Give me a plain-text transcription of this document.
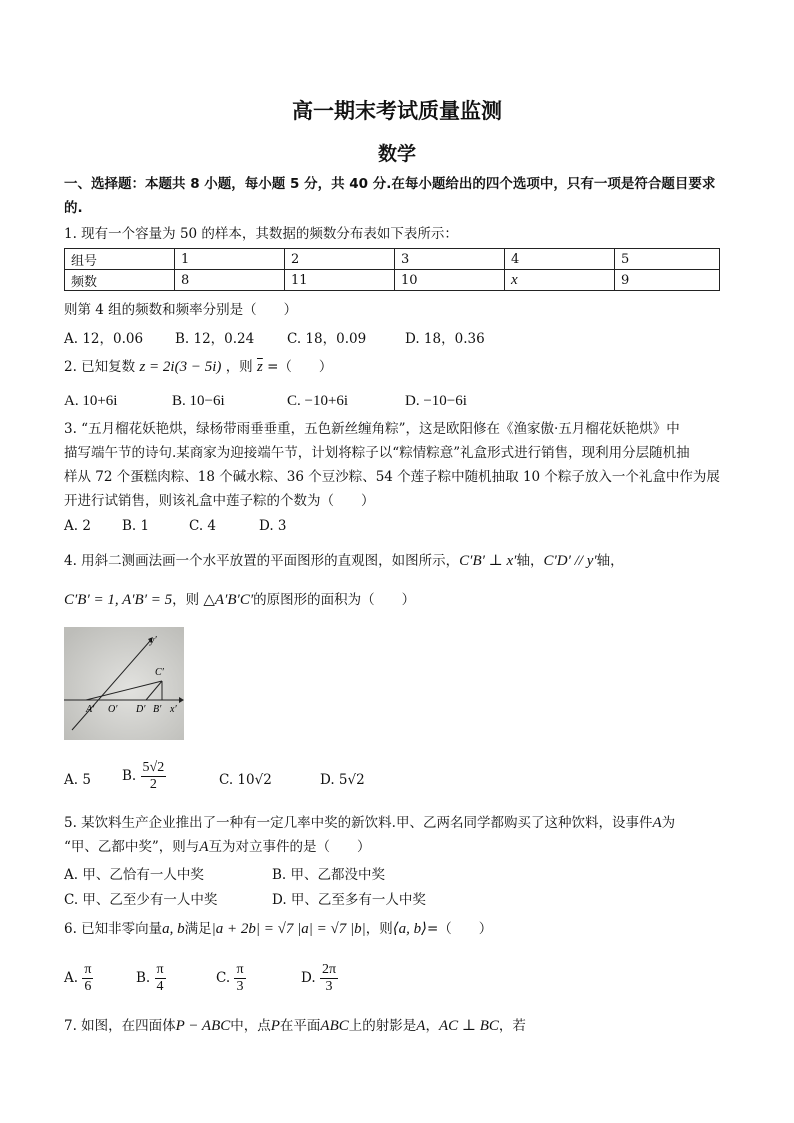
高一期末考试质量监测
数学
一、选择题：本题共 8 小题，每小题 5 分，共 40 分.在每小题给出的四个选项中，只有一项是符合题目要求
的.
1. 现有一个容量为 50 的样本，其数据的频数分布表如下表所示：
组号	1	2	3	4	5
频数	8	11	10	x	9
则第 4 组的频数和频率分别是（　　）
A. 12，0.06 B. 12，0.24 C. 18，0.09	D. 18，0.36
2. 已知复数 z = 2i(3 − 5i) ，则 $\overline{z}$ =（　　）
A. 10+6i	B. 10−6i	C. −10+6i	D. −10−6i
3. “五月榴花妖艳烘，绿杨带雨垂垂重，五色新丝缠角粽”，这是欧阳修在《渔家傲·五月榴花妖艳烘》中
描写端午节的诗句.某商家为迎接端午节，计划将粽子以“粽情粽意”礼盒形式进行销售，现利用分层随机抽
样从 72 个蛋糕肉粽、18 个碱水粽、36 个豆沙粽、54 个莲子粽中随机抽取 10 个粽子放入一个礼盒中作为展
开进行试销售，则该礼盒中莲子粽的个数为（　　）
A. 2 B. 1	C. 4	D. 3
4. 用斜二测画法画一个水平放置的平面图形的直观图，如图所示，C′B′ ⊥ x′轴，C′D′ // y′轴，
C′B′ = 1, A′B′ = 5，则 △A′B′C′的原图形的面积为（　　）
y′
C′
A′ O′ D′ B′ x′
A. 5 B. $\frac{5√2}{2}$	C. 10√2	D. 5√2
5. 某饮料生产企业推出了一种有一定几率中奖的新饮料.甲、乙两名同学都购买了这种饮料，设事件A为
“甲、乙都中奖”，则与A互为对立事件的是（　　）
A. 甲、乙恰有一人中奖	B. 甲、乙都没中奖
C. 甲、乙至少有一人中奖	D. 甲、乙至多有一人中奖
6. 已知非零向量a, b满足|a + 2b| = √7 |a| = √7 |b|，则⟨a, b⟩=（　　）
A. $\frac{\pi}{6}$	B. $\frac{\pi}{4}$	C. $\frac{\pi}{3}$	D. $\frac{2\pi}{3}$
7. 如图，在四面体P − ABC中，点P在平面ABC上的射影是A，AC ⊥ BC，若
